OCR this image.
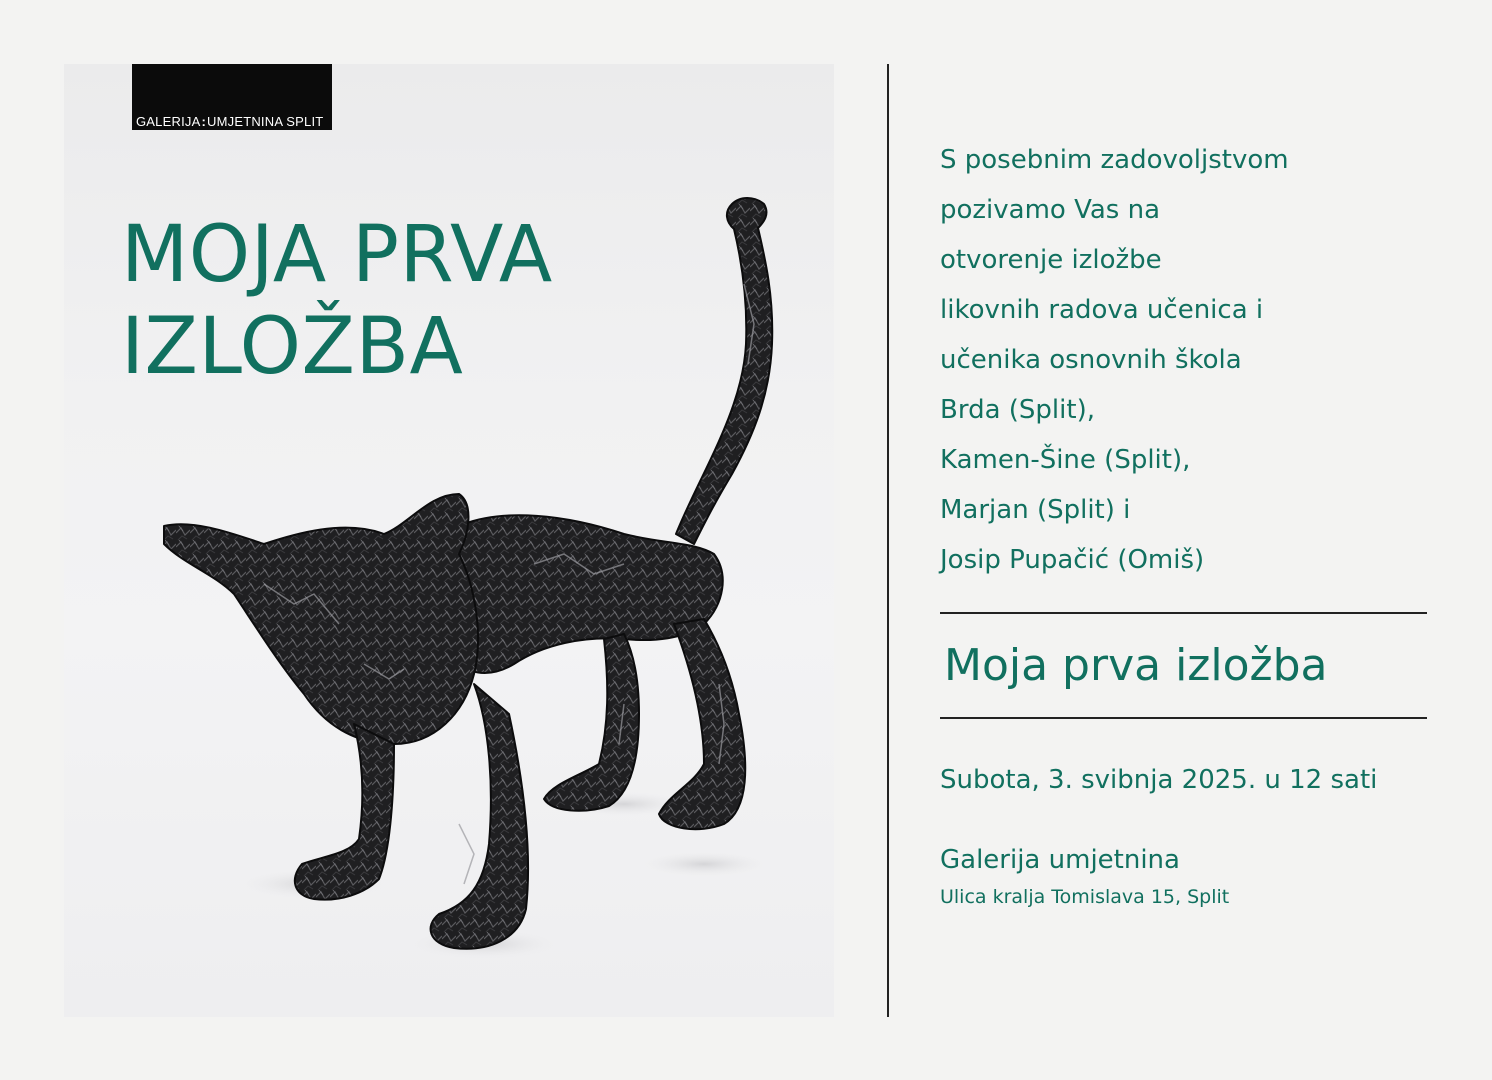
GALERIJA:UMJETNINA SPLIT
MOJA PRVA
IZLOŽBA
S posebnim zadovoljstvom
pozivamo Vas na
otvorenje izložbe
likovnih radova učenica i
učenika osnovnih škola
Brda (Split),
Kamen-Šine (Split),
Marjan (Split) i
Josip Pupačić (Omiš)
Moja prva izložba
Subota, 3. svibnja 2025. u 12 sati
Galerija umjetnina
Ulica kralja Tomislava 15, Split
